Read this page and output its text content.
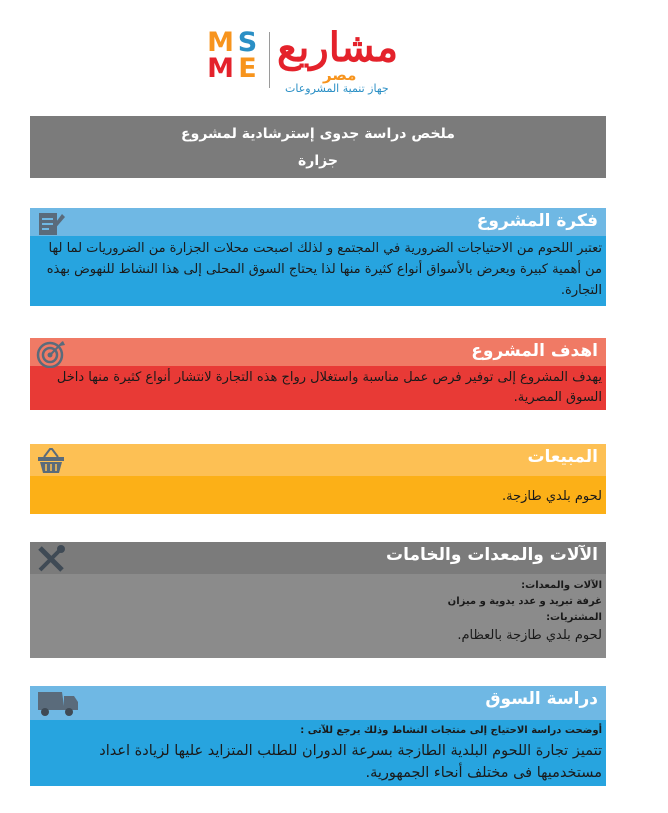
M S
M E مشاريع
مصر
جهاز تنمية المشروعات
ملخص دراسة جدوى إسترشادية لمشروع
جزارة
فكرة المشروع
تعتبر اللحوم من الاحتياجات الضرورية في المجتمع و لذلك اصبحت محلات الجزارة من الضروريات لما لها من أهمية كبيرة ويعرض بالأسواق أنواع كثيرة منها لذا يحتاج السوق المحلى إلى هذا النشاط للنهوض بهذه التجارة.
اهدف المشروع
يهدف المشروع إلى توفير فرص عمل مناسبة واستغلال رواج هذه التجارة لانتشار أنواع كثيرة منها داخل السوق المصرية.
المبيعات
لحوم بلدي طازجة.
الآلات والمعدات والخامات
الآلات والمعدات:
غرفة تبريد و عدد يدوية و ميزان
المشتريات:
لحوم بلدي طازجة بالعظام.
دراسة السوق
أوضحت دراسة الاحتياج إلى منتجات النشاط وذلك يرجع للآتى :
تتميز تجارة اللحوم البلدية الطازجة بسرعة الدوران للطلب المتزايد عليها لزيادة اعداد مستخدميها فى مختلف أنحاء الجمهورية.
